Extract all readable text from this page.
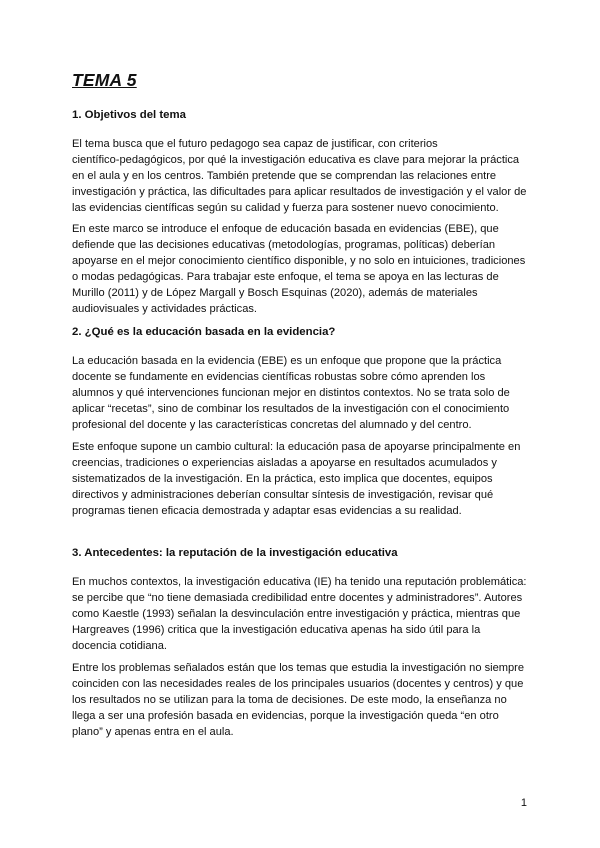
TEMA 5
1. Objetivos del tema
El tema busca que el futuro pedagogo sea capaz de justificar, con criterios
científico-pedagógicos, por qué la investigación educativa es clave para mejorar la práctica
en el aula y en los centros. También pretende que se comprendan las relaciones entre
investigación y práctica, las dificultades para aplicar resultados de investigación y el valor de
las evidencias científicas según su calidad y fuerza para sostener nuevo conocimiento.
En este marco se introduce el enfoque de educación basada en evidencias (EBE), que
defiende que las decisiones educativas (metodologías, programas, políticas) deberían
apoyarse en el mejor conocimiento científico disponible, y no solo en intuiciones, tradiciones
o modas pedagógicas. Para trabajar este enfoque, el tema se apoya en las lecturas de
Murillo (2011) y de López Margall y Bosch Esquinas (2020), además de materiales
audiovisuales y actividades prácticas.
2. ¿Qué es la educación basada en la evidencia?
La educación basada en la evidencia (EBE) es un enfoque que propone que la práctica
docente se fundamente en evidencias científicas robustas sobre cómo aprenden los
alumnos y qué intervenciones funcionan mejor en distintos contextos. No se trata solo de
aplicar “recetas”, sino de combinar los resultados de la investigación con el conocimiento
profesional del docente y las características concretas del alumnado y del centro.
Este enfoque supone un cambio cultural: la educación pasa de apoyarse principalmente en
creencias, tradiciones o experiencias aisladas a apoyarse en resultados acumulados y
sistematizados de la investigación. En la práctica, esto implica que docentes, equipos
directivos y administraciones deberían consultar síntesis de investigación, revisar qué
programas tienen eficacia demostrada y adaptar esas evidencias a su realidad.
3. Antecedentes: la reputación de la investigación educativa
En muchos contextos, la investigación educativa (IE) ha tenido una reputación problemática:
se percibe que “no tiene demasiada credibilidad entre docentes y administradores”. Autores
como Kaestle (1993) señalan la desvinculación entre investigación y práctica, mientras que
Hargreaves (1996) critica que la investigación educativa apenas ha sido útil para la
docencia cotidiana.
Entre los problemas señalados están que los temas que estudia la investigación no siempre
coinciden con las necesidades reales de los principales usuarios (docentes y centros) y que
los resultados no se utilizan para la toma de decisiones. De este modo, la enseñanza no
llega a ser una profesión basada en evidencias, porque la investigación queda “en otro
plano” y apenas entra en el aula.
1
